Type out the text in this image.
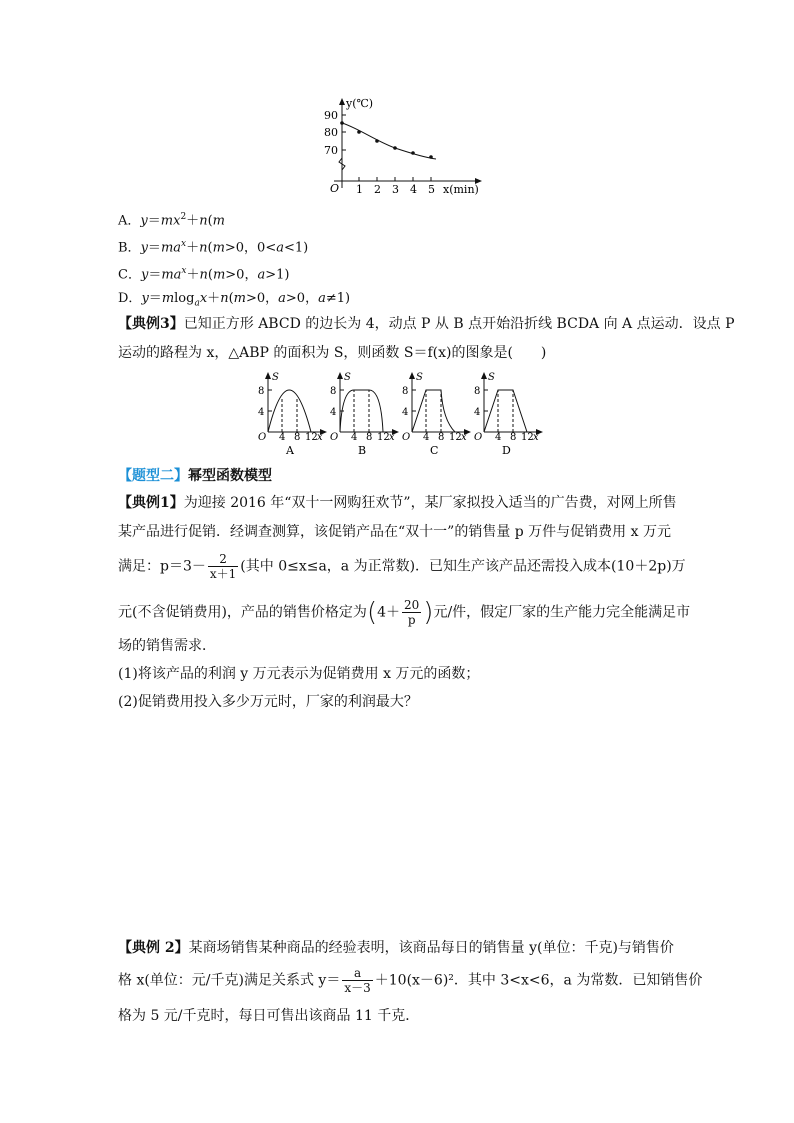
y(℃)
90
80
70
O 1 2 3 4 5 x(min)
A．$y=mx^2+n(m$
B．$y=ma^x+n(m>0$，0<a<1)
C．$y=ma^x+n(m>0$，a>1)
D．y＝mlog$_a$x＋n(m>0，a>0，a≠1)
【典例3】已知正方形 ABCD 的边长为 4，动点 P 从 B 点开始沿折线 BCDA 向 A 点运动．设点 P
运动的路程为 x，△ABP 的面积为 S，则函数 S＝f(x)的图象是(　　)
S
8
4
O 4 8 12 x
A
S
8
4
O 4 8 12 x
B
S
8
4
O 4 8 12 x
C
S
8
4
O 4 8 12 x
D
【题型二】幂型函数模型
【典例1】为迎接 2016 年“双十一网购狂欢节”，某厂家拟投入适当的广告费，对网上所售
某产品进行促销．经调查测算，该促销产品在“双十一”的销售量 p 万件与促销费用 x 万元
满足：$p=3- \frac{2}{x+1}$ (其中 0≤x≤a，a 为正常数)．已知生产该产品还需投入成本(10＋2p)万
元(不含促销费用)，产品的销售价格定为($4+ \frac{20}{p}$ )元/件，假定厂家的生产能力完全能满足市
场的销售需求．
(1)将该产品的利润 y 万元表示为促销费用 x 万元的函数；
(2)促销费用投入多少万元时，厂家的利润最大？
【典例 2】某商场销售某种商品的经验表明，该商品每日的销售量 y(单位：千克)与销售价
格 x(单位：元/千克)满足关系式 $y= \frac{a}{x-3} +10(x-6)^2$．其中 3<x<6，a 为常数．已知销售价
格为 5 元/千克时，每日可售出该商品 11 千克．
